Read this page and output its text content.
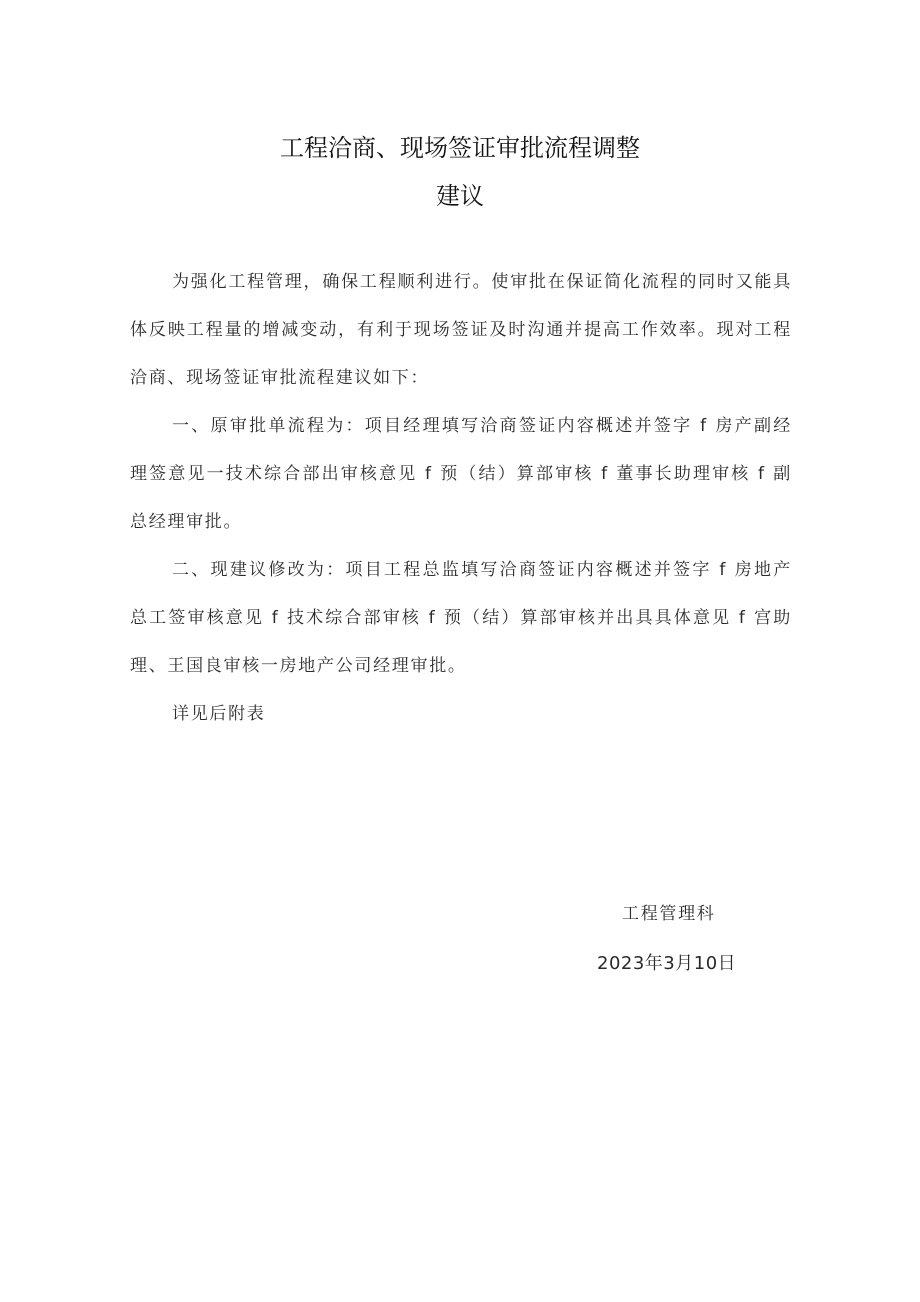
工程洽商、现场签证审批流程调整
建议

为强化工程管理，确保工程顺利进行。使审批在保证简化流程的同时又能具体反映工程量的增减变动，有利于现场签证及时沟通并提高工作效率。现对工程洽商、现场签证审批流程建议如下：

一、原审批单流程为：项目经理填写洽商签证内容概述并签字 f 房产副经理签意见一技术综合部出审核意见 f 预（结）算部审核 f 董事长助理审核 f 副总经理审批。

二、现建议修改为：项目工程总监填写洽商签证内容概述并签字 f 房地产总工签审核意见 f 技术综合部审核 f 预（结）算部审核并出具具体意见 f 宫助理、王国良审核一房地产公司经理审批。

详见后附表

工程管理科
2023年3月10日
